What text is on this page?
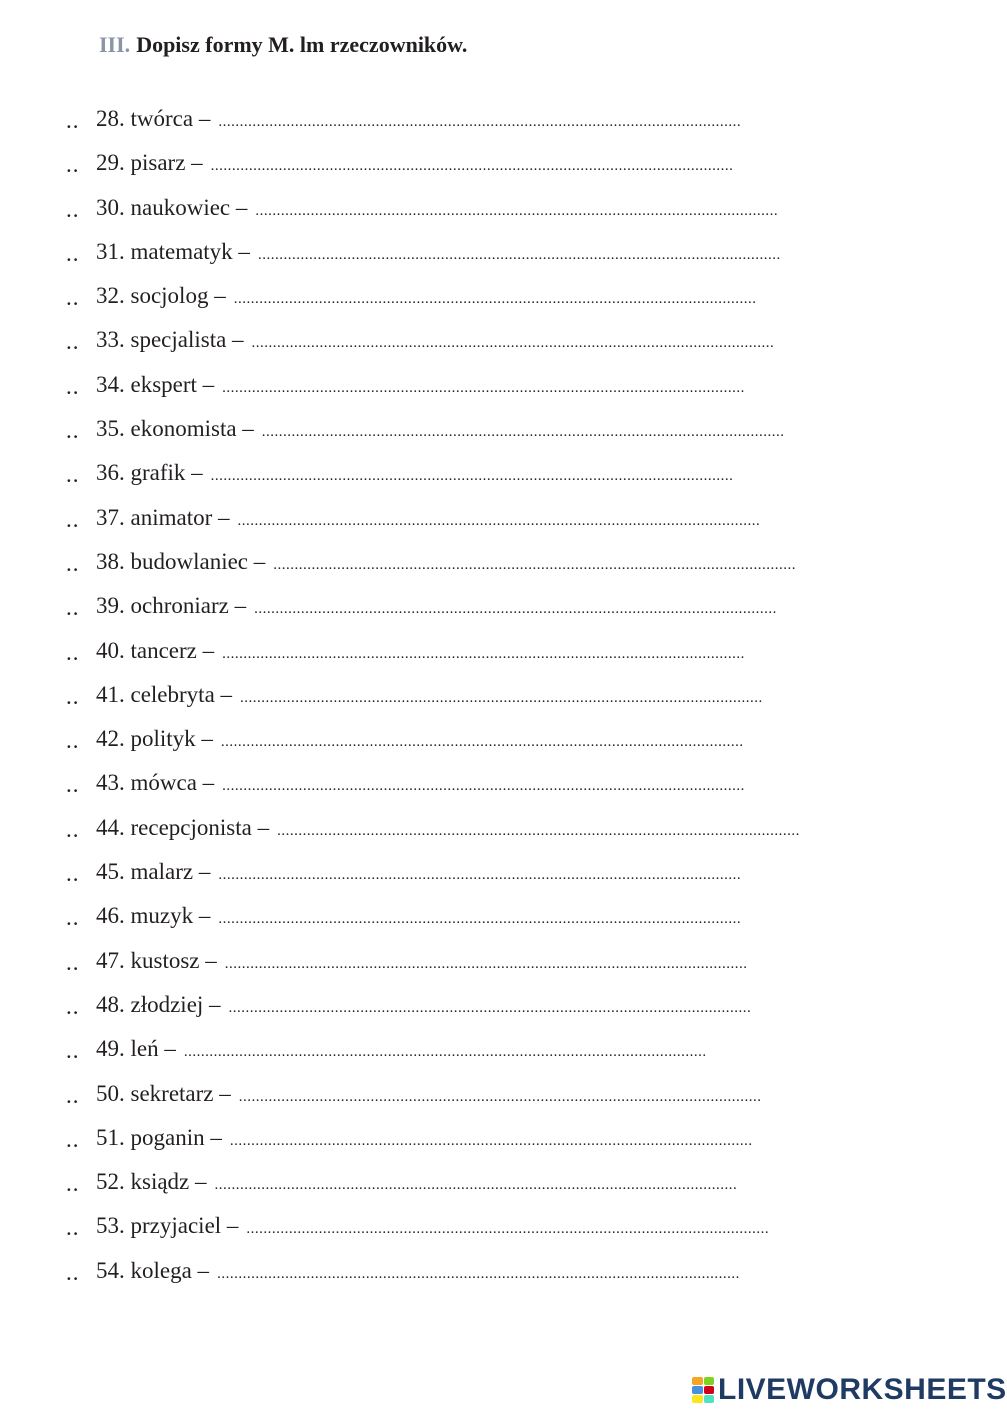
III. Dopisz formy M. lm rzeczowników.
.. 28. twórca – ...........................................................................................................................
.. 29. pisarz – ...........................................................................................................................
.. 30. naukowiec – ...........................................................................................................................
.. 31. matematyk – ...........................................................................................................................
.. 32. socjolog – ...........................................................................................................................
.. 33. specjalista – ...........................................................................................................................
.. 34. ekspert – ...........................................................................................................................
.. 35. ekonomista – ...........................................................................................................................
.. 36. grafik – ...........................................................................................................................
.. 37. animator – ...........................................................................................................................
.. 38. budowlaniec – ...........................................................................................................................
.. 39. ochroniarz – ...........................................................................................................................
.. 40. tancerz – ...........................................................................................................................
.. 41. celebryta – ...........................................................................................................................
.. 42. polityk – ...........................................................................................................................
.. 43. mówca – ...........................................................................................................................
.. 44. recepcjonista – ...........................................................................................................................
.. 45. malarz – ...........................................................................................................................
.. 46. muzyk – ...........................................................................................................................
.. 47. kustosz – ...........................................................................................................................
.. 48. złodziej – ...........................................................................................................................
.. 49. leń – ...........................................................................................................................
.. 50. sekretarz – ...........................................................................................................................
.. 51. poganin – ...........................................................................................................................
.. 52. ksiądz – ...........................................................................................................................
.. 53. przyjaciel – ...........................................................................................................................
.. 54. kolega – ...........................................................................................................................
LIVEWORKSHEETS
